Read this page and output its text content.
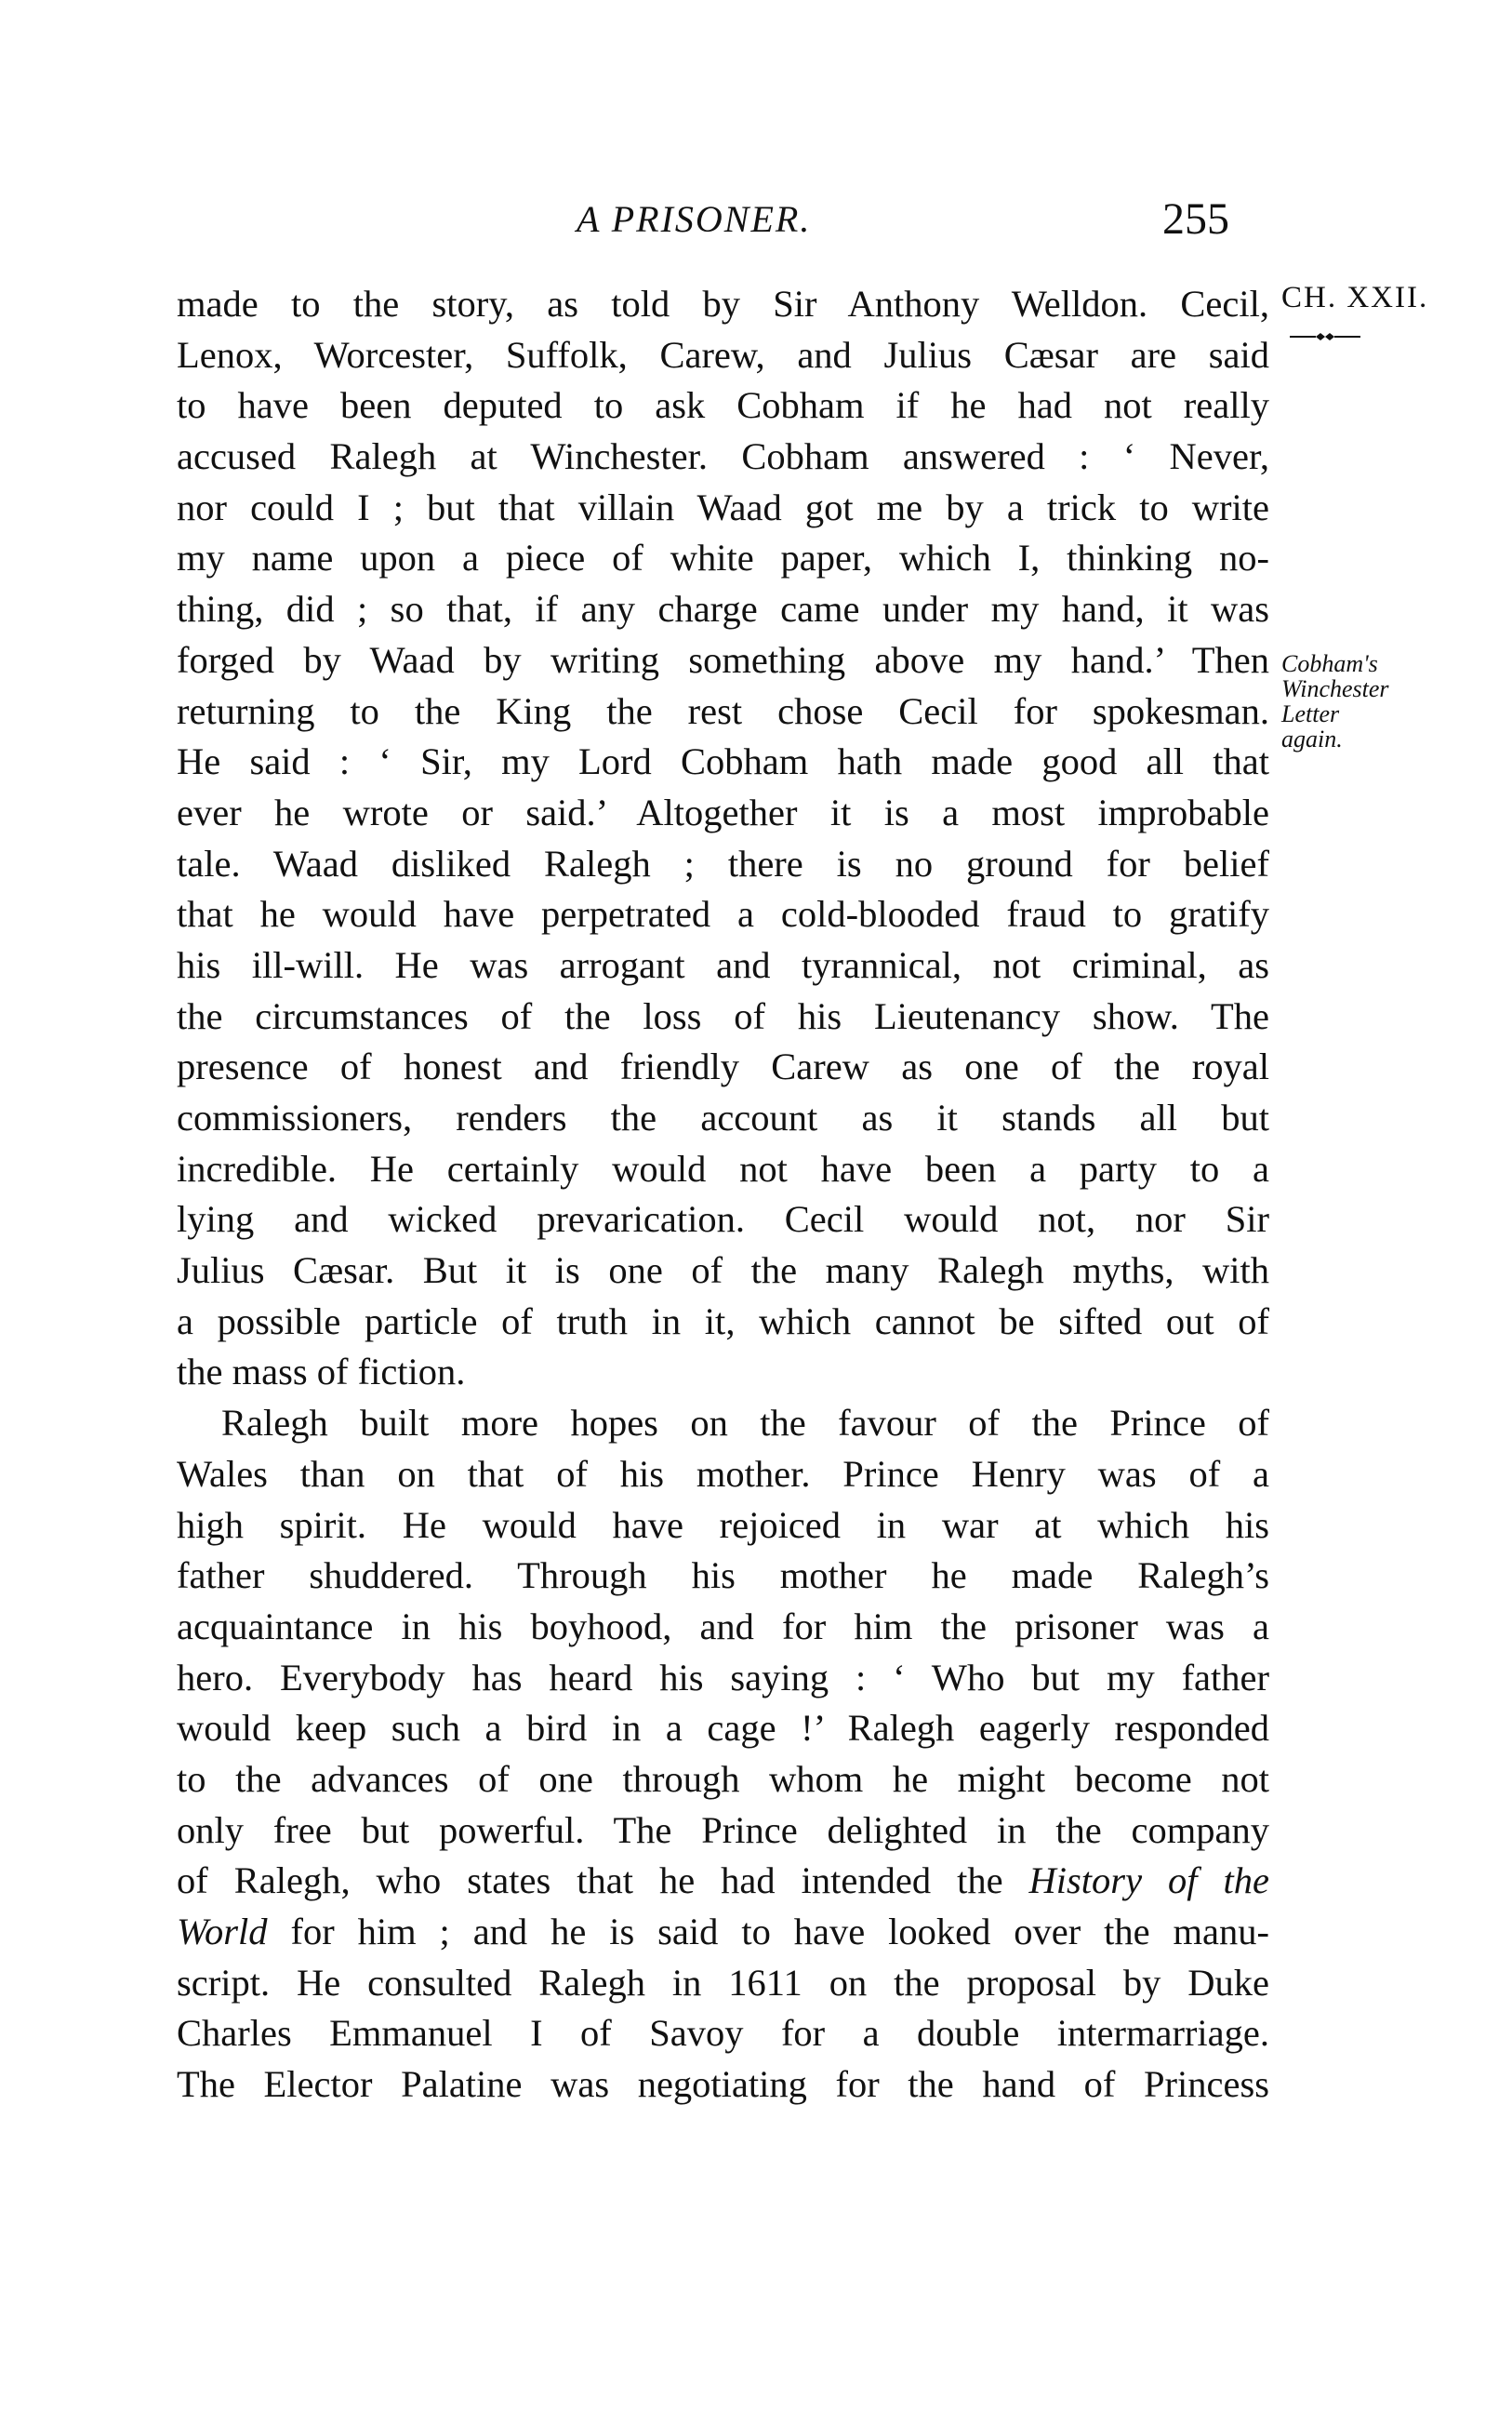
A PRISONER.	255
CH. XXII.
Cobham's
Winchester
Letter
again.
made to the story, as told by Sir Anthony Welldon. Cecil,
Lenox, Worcester, Suffolk, Carew, and Julius Cæsar are said
to have been deputed to ask Cobham if he had not really
accused Ralegh at Winchester. Cobham answered : ‘ Never,
nor could I ; but that villain Waad got me by a trick to write
my name upon a piece of white paper, which I, thinking no-
thing, did ; so that, if any charge came under my hand, it was
forged by Waad by writing something above my hand.’ Then
returning to the King the rest chose Cecil for spokesman.
He said : ‘ Sir, my Lord Cobham hath made good all that
ever he wrote or said.’ Altogether it is a most improbable
tale. Waad disliked Ralegh ; there is no ground for belief
that he would have perpetrated a cold-blooded fraud to gratify
his ill-will. He was arrogant and tyrannical, not criminal, as
the circumstances of the loss of his Lieutenancy show. The
presence of honest and friendly Carew as one of the royal
commissioners, renders the account as it stands all but
incredible. He certainly would not have been a party to a
lying and wicked prevarication. Cecil would not, nor Sir
Julius Cæsar. But it is one of the many Ralegh myths, with
a possible particle of truth in it, which cannot be sifted out of
the mass of fiction.
Ralegh built more hopes on the favour of the Prince of
Wales than on that of his mother. Prince Henry was of a
high spirit. He would have rejoiced in war at which his
father shuddered. Through his mother he made Ralegh’s
acquaintance in his boyhood, and for him the prisoner was a
hero. Everybody has heard his saying : ‘ Who but my father
would keep such a bird in a cage !’ Ralegh eagerly responded
to the advances of one through whom he might become not
only free but powerful. The Prince delighted in the company
of Ralegh, who states that he had intended the History of the
World for him ; and he is said to have looked over the manu-
script. He consulted Ralegh in 1611 on the proposal by Duke
Charles Emmanuel I of Savoy for a double intermarriage.
The Elector Palatine was negotiating for the hand of Princess
